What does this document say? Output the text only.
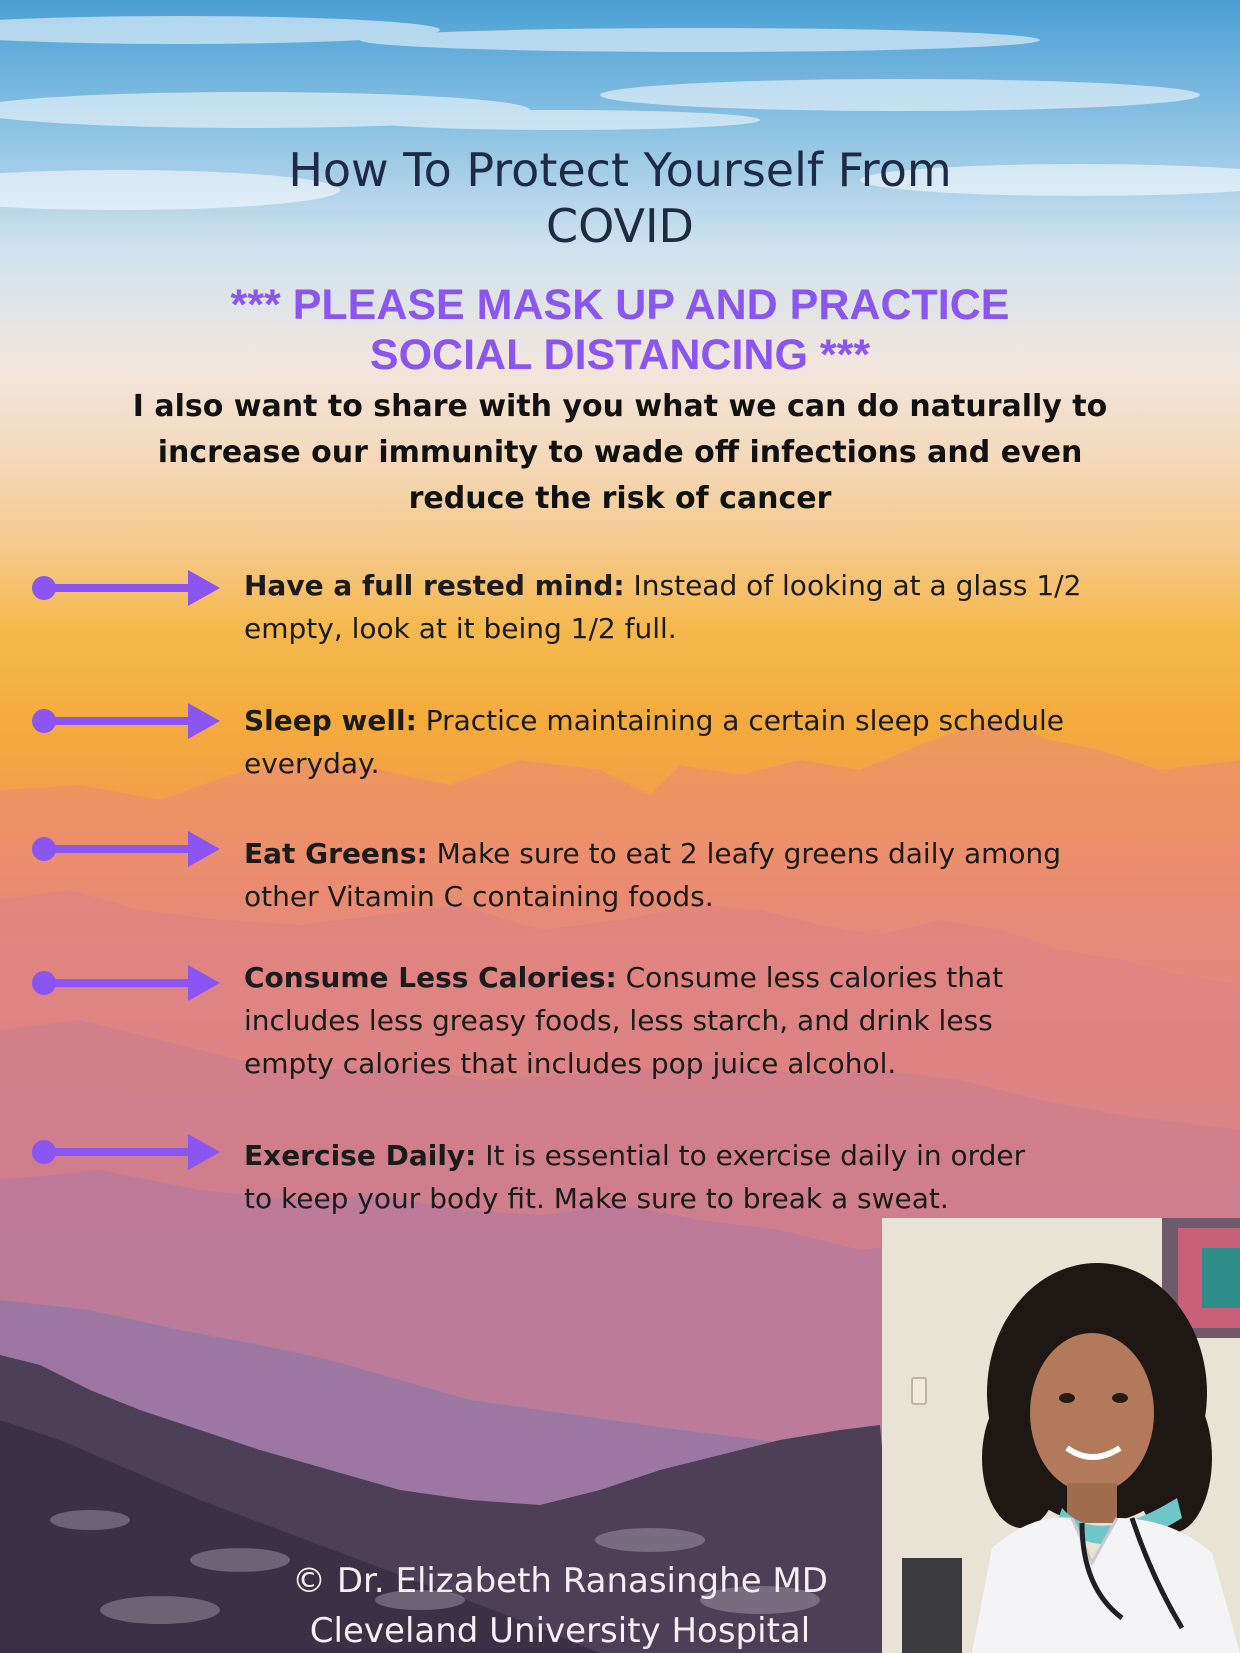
How To Protect Yourself From
COVID
*** PLEASE MASK UP AND PRACTICE
SOCIAL DISTANCING ***

I also want to share with you what we can do naturally to
increase our immunity to wade off infections and even
reduce the risk of cancer

Have a full rested mind: Instead of looking at a glass 1/2
empty, look at it being 1/2 full.

Sleep well: Practice maintaining a certain sleep schedule
everyday.

Eat Greens: Make sure to eat 2 leafy greens daily among
other Vitamin C containing foods.

Consume Less Calories: Consume less calories that
includes less greasy foods, less starch, and drink less
empty calories that includes pop juice alcohol.

Exercise Daily: It is essential to exercise daily in order
to keep your body fit. Make sure to break a sweat.

© Dr. Elizabeth Ranasinghe MD
Cleveland University Hospital
